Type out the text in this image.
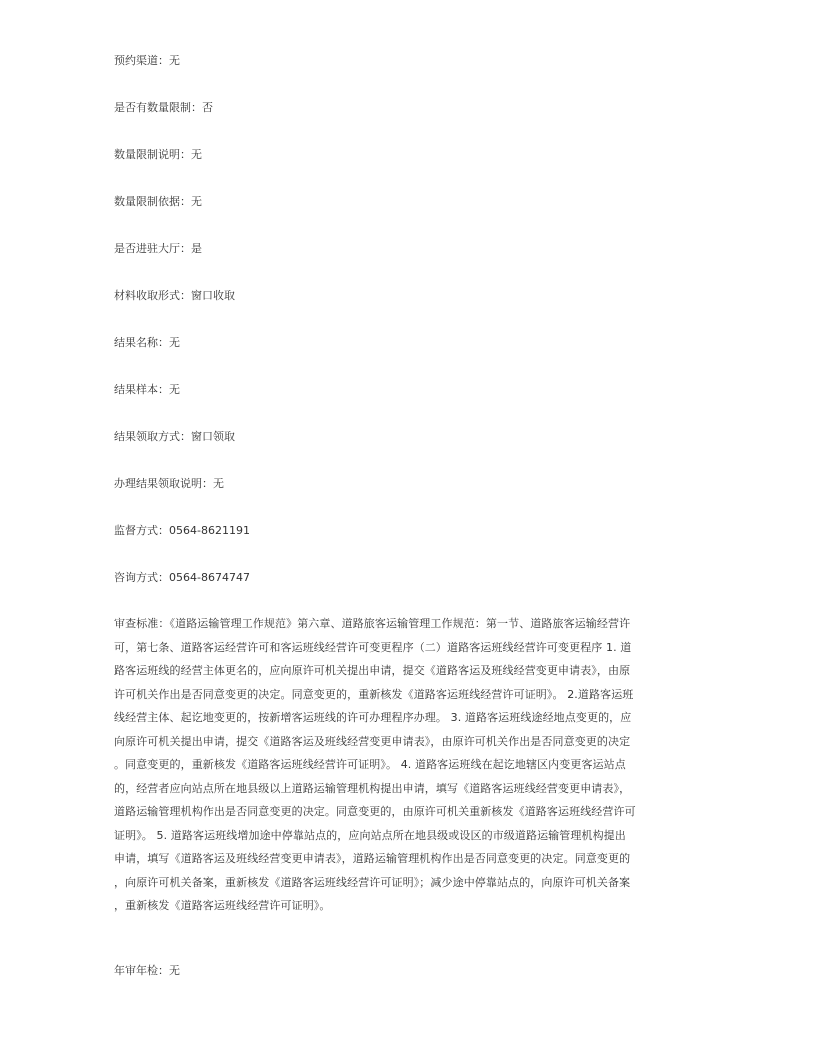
预约渠道：无
是否有数量限制：否
数量限制说明：无
数量限制依据：无
是否进驻大厅：是
材料收取形式：窗口收取
结果名称：无
结果样本：无
结果领取方式：窗口领取
办理结果领取说明：无
监督方式：0564-8621191
咨询方式：0564-8674747
审查标准：《道路运输管理工作规范》第六章、道路旅客运输管理工作规范：第一节、道路旅客运输经营许
可，第七条、道路客运经营许可和客运班线经营许可变更程序（二）道路客运班线经营许可变更程序 1. 道
路客运班线的经营主体更名的，应向原许可机关提出申请，提交《道路客运及班线经营变更申请表》，由原
许可机关作出是否同意变更的决定。同意变更的，重新核发《道路客运班线经营许可证明》。 2.道路客运班
线经营主体、起讫地变更的，按新增客运班线的许可办理程序办理。 3. 道路客运班线途经地点变更的，应
向原许可机关提出申请，提交《道路客运及班线经营变更申请表》，由原许可机关作出是否同意变更的决定
。同意变更的，重新核发《道路客运班线经营许可证明》。 4. 道路客运班线在起讫地辖区内变更客运站点
的，经营者应向站点所在地县级以上道路运输管理机构提出申请，填写《道路客运班线经营变更申请表》，
道路运输管理机构作出是否同意变更的决定。同意变更的，由原许可机关重新核发《道路客运班线经营许可
证明》。 5. 道路客运班线增加途中停靠站点的，应向站点所在地县级或设区的市级道路运输管理机构提出
申请，填写《道路客运及班线经营变更申请表》，道路运输管理机构作出是否同意变更的决定。同意变更的
，向原许可机关备案，重新核发《道路客运班线经营许可证明》；减少途中停靠站点的，向原许可机关备案
，重新核发《道路客运班线经营许可证明》。
年审年检：无
